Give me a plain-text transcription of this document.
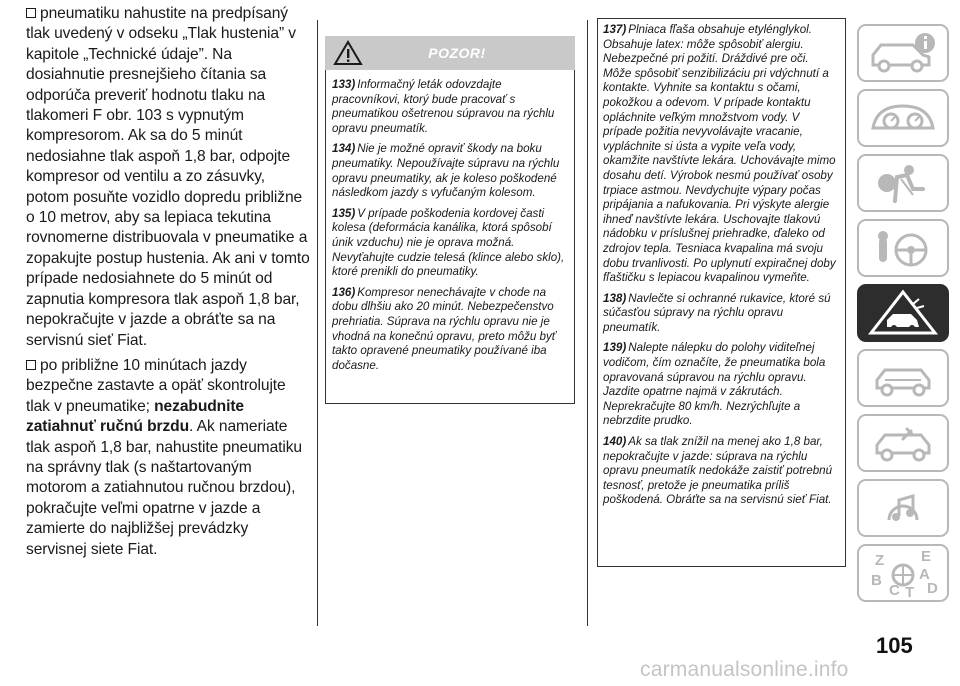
pneumatiku nahustite na predpísaný tlak uvedený v odseku „Tlak hustenia” v kapitole „Technické údaje”. Na dosiahnutie presnejšieho čítania sa odporúča preveriť hodnotu tlaku na tlakomeri F obr. 103 s vypnutým kompresorom. Ak sa do 5 minút nedosiahne tlak aspoň 1,8 bar, odpojte kompresor od ventilu a zo zásuvky, potom posuňte vozidlo dopredu približne o 10 metrov, aby sa lepiaca tekutina rovnomerne distribuovala v pneumatike a zopakujte postup hustenia. Ak ani v tomto prípade nedosiahnete do 5 minút od zapnutia kompresora tlak aspoň 1,8 bar, nepokračujte v jazde a obráťte sa na servisnú sieť Fiat.

po približne 10 minútach jazdy bezpečne zastavte a opäť skontrolujte tlak v pneumatike; nezabudnite zatiahnuť ručnú brzdu. Ak nameriate tlak aspoň 1,8 bar, nahustite pneumatiku na správny tlak (s naštartovaným motorom a zatiahnutou ručnou brzdou), pokračujte veľmi opatrne v jazde a zamierte do najbližšej prevádzky servisnej siete Fiat.

POZOR!

133) Informačný leták odovzdajte pracovníkovi, ktorý bude pracovať s pneumatikou ošetrenou súpravou na rýchlu opravu pneumatík.

134) Nie je možné opraviť škody na boku pneumatiky. Nepoužívajte súpravu na rýchlu opravu pneumatiky, ak je koleso poškodené následkom jazdy s vyfučaným kolesom.

135) V prípade poškodenia kordovej časti kolesa (deformácia kanálika, ktorá spôsobí únik vzduchu) nie je oprava možná. Nevyťahujte cudzie telesá (klince alebo sklo), ktoré prenikli do pneumatiky.

136) Kompresor nenechávajte v chode na dobu dlhšiu ako 20 minút. Nebezpečenstvo prehriatia. Súprava na rýchlu opravu nie je vhodná na konečnú opravu, preto môžu byť takto opravené pneumatiky používané iba dočasne.

137) Plniaca fľaša obsahuje etylénglykol. Obsahuje latex: môže spôsobiť alergiu. Nebezpečné pri požití. Dráždivé pre oči. Môže spôsobiť senzibilizáciu pri vdýchnutí a kontakte. Vyhnite sa kontaktu s očami, pokožkou a odevom. V prípade kontaktu opláchnite veľkým množstvom vody. V prípade požitia nevyvolávajte vracanie, vypláchnite si ústa a vypite veľa vody, okamžite navštívte lekára. Uchovávajte mimo dosahu detí. Výrobok nesmú používať osoby trpiace astmou. Nevdychujte výpary počas pripájania a nafukovania. Pri výskyte alergie ihneď navštívte lekára. Uschovajte tlakovú nádobku v príslušnej priehradke, ďaleko od zdrojov tepla. Tesniaca kvapalina má svoju dobu trvanlivosti. Po uplynutí expiračnej doby fľaštičku s lepiacou kvapalinou vymeňte.

138) Navlečte si ochranné rukavice, ktoré sú súčasťou súpravy na rýchlu opravu pneumatík.

139) Nalepte nálepku do polohy viditeľnej vodičom, čím označíte, že pneumatika bola opravovaná súpravou na rýchlu opravu. Jazdite opatrne najmä v zákrutách. Neprekračujte 80 km/h. Nezrýchľujte a nebrzdite prudko.

140) Ak sa tlak znížil na menej ako 1,8 bar, nepokračujte v jazde: súprava na rýchlu opravu pneumatík nedokáže zaistiť potrebnú tesnosť, pretože je pneumatika príliš poškodená. Obráťte sa na servisnú sieť Fiat.

Z E
A
B
C T D
105
carmanualsonline.info
